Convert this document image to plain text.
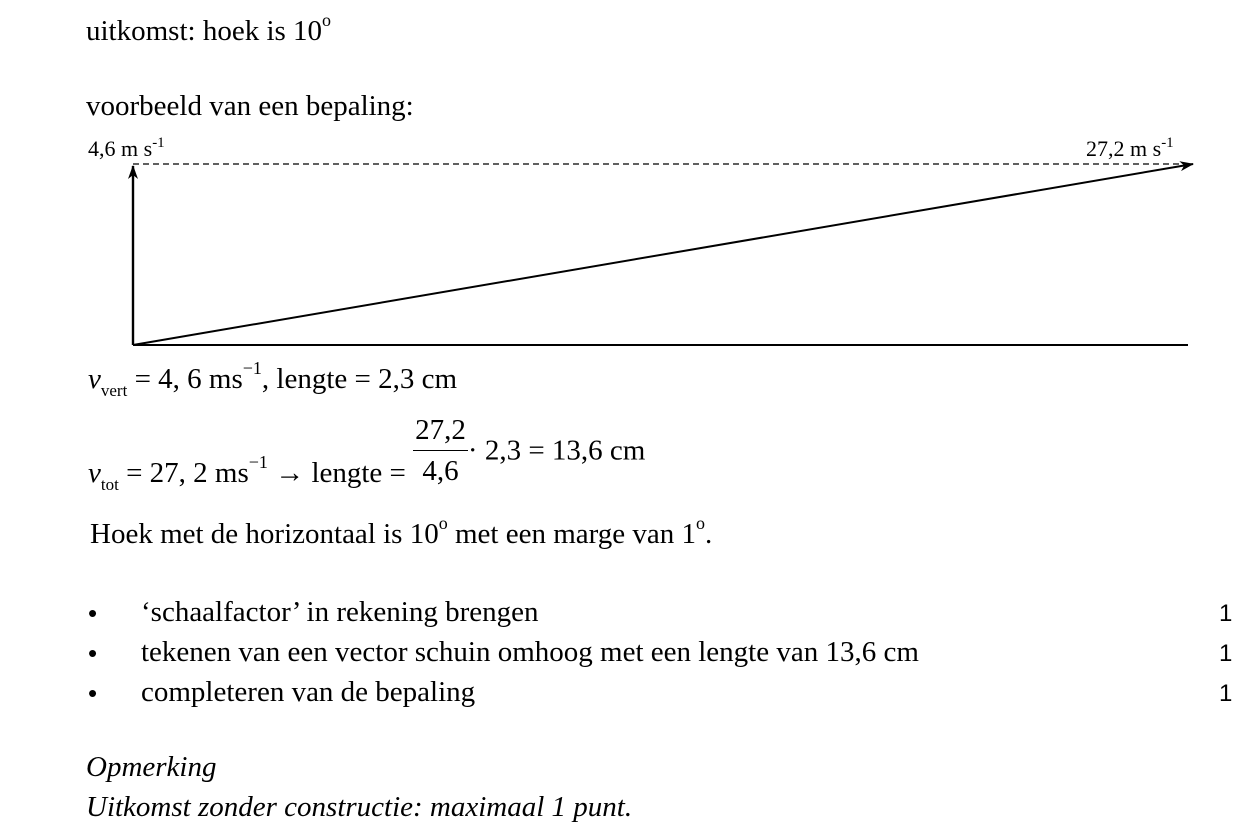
uitkomst: hoek is 10$^o$
voorbeeld van een bepaling:
4,6 m $s^{-1}$	27,2 m $s^{-1}$
$v_{vert} = 4$, 6 $ms^{-1}$, lengte = 2,3 cm
$v_{tot} = 27$, 2 $ms^{-1}$ → lengte = $\frac{27,2}{4,6} \cdot 2,3 = 13,6$ cm
Hoek met de horizontaal is 10$^o$ met een marge van 1$^o$.
• ‘schaalfactor’ in rekening brengen	1
• tekenen van een vector schuin omhoog met een lengte van 13,6 cm	1
• completeren van de bepaling	1
Opmerking
Uitkomst zonder constructie: maximaal 1 punt.
